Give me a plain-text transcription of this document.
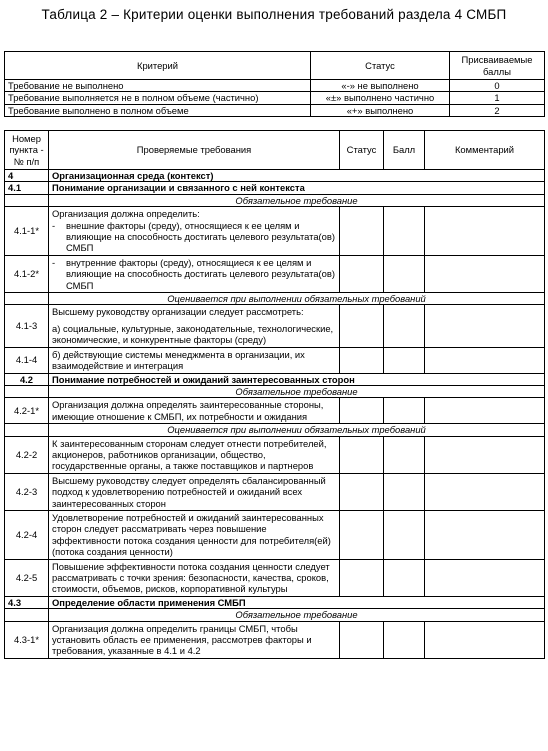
Таблица 2 – Критерии оценки выполнения требований раздела 4 СМБП
Критерий	Статус	Присваиваемые баллы
Требование не выполнено	«-» не выполнено	0
Требование выполняется не в полном объеме (частично)	«±» выполнено частично	1
Требование выполнено в полном объеме	«+» выполнено	2
Номер пункта - № п/п	Проверяемые требования	Статус	Балл	Комментарий
4	Организационная среда (контекст)			
4.1	Понимание организации и связанного с ней контекста			
	Обязательное требование			
4.1-1*	Организация должна определить:
- внешние факторы (среду), относящиеся к ее целям и влияющие на способность достигать целевого результата(ов) СМБП			

4.1-2*	- внутренние факторы (среду), относящиеся к ее целям и влияющие на способность достигать целевого результата(ов) СМБП			

	Оценивается при выполнении обязательных требований			
4.1-3	Высшему руководству организации следует рассмотреть:
а) социальные, культурные, законодательные, технологические, экономические, и конкурентные факторы (среду)			

4.1-4	б) действующие системы менеджмента в организации, их взаимодействие и интеграция			
4.2	Понимание потребностей и ожиданий заинтересованных сторон			
	Обязательное требование			
4.2-1*	Организация должна определять заинтересованные стороны, имеющие отношение к СМБП, их потребности и ожидания			
	Оценивается при выполнении обязательных требований			
4.2-2	К заинтересованным сторонам следует отнести потребителей, акционеров, работников организации, общество, государственные органы, а также поставщиков и партнеров			
4.2-3	Высшему руководству следует определять сбалансированный подход к удовлетворению потребностей и ожиданий всех заинтересованных сторон			
4.2-4	Удовлетворение потребностей и ожиданий заинтересованных сторон следует рассматривать через повышение эффективности потока создания ценности для потребителя(ей) (потока создания ценности)			
4.2-5	Повышение эффективности потока создания ценности следует рассматривать с точки зрения: безопасности, качества, сроков, стоимости, объемов, рисков, корпоративной культуры			
4.3	Определение области применения СМБП			
	Обязательное требование			
4.3-1*	Организация должна определить границы СМБП, чтобы установить область ее применения, рассмотрев факторы и требования, указанные в 4.1 и 4.2			
